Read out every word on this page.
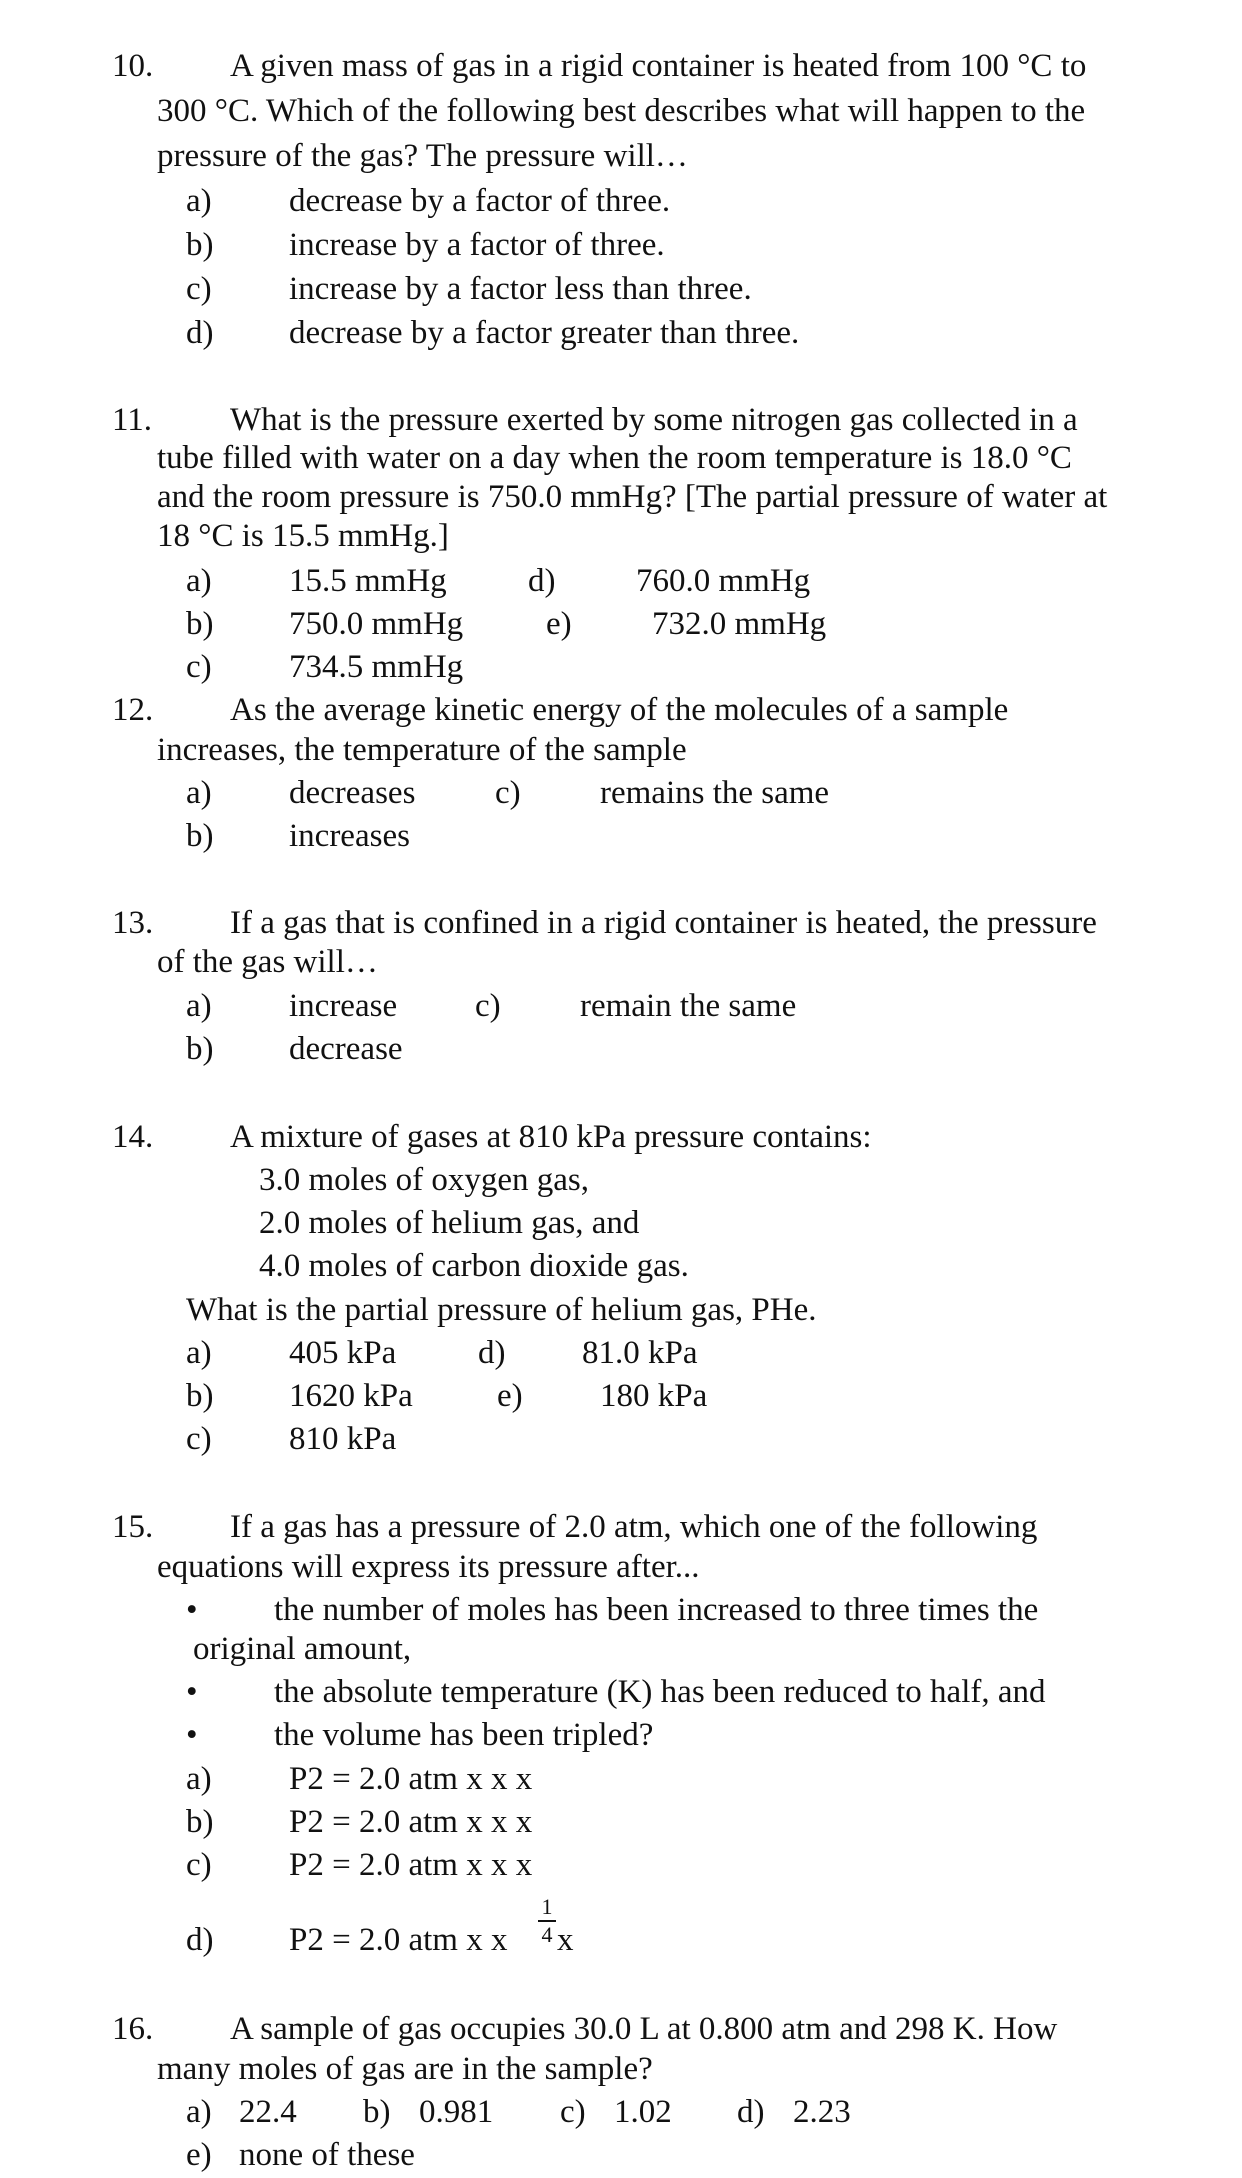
10. A given mass of gas in a rigid container is heated from 100 °C to
300 °C. Which of the following best describes what will happen to the
pressure of the gas? The pressure will…
a) decrease by a factor of three.
b) increase by a factor of three.
c) increase by a factor less than three.
d) decrease by a factor greater than three.
11. What is the pressure exerted by some nitrogen gas collected in a
tube filled with water on a day when the room temperature is 18.0 °C
and the room pressure is 750.0 mmHg? [The partial pressure of water at
18 °C is 15.5 mmHg.]
a) 15.5 mmHg d) 760.0 mmHg
b) 750.0 mmHg	e) 732.0 mmHg
c) 734.5 mmHg
12. As the average kinetic energy of the molecules of a sample
increases, the temperature of the sample
a) decreases c) remains the same
b) increases
13. If a gas that is confined in a rigid container is heated, the pressure
of the gas will…
a) increase c) remain the same
b) decrease
14. A mixture of gases at 810 kPa pressure contains:
3.0 moles of oxygen gas,
2.0 moles of helium gas, and
4.0 moles of carbon dioxide gas.
What is the partial pressure of helium gas, PHe.
a) 405 kPa d) 81.0 kPa
b) 1620 kPa	e) 180 kPa
c) 810 kPa
15. If a gas has a pressure of 2.0 atm, which one of the following
equations will express its pressure after...
• the number of moles has been increased to three times the
original amount,
• the absolute temperature (K) has been reduced to half, and
• the volume has been tripled?
a) P2 = 2.0 atm x x x
b) P2 = 2.0 atm x x x
c) P2 = 2.0 atm x x x
d) P2 = 2.0 atm x x
1
4 x
16. A sample of gas occupies 30.0 L at 0.800 atm and 298 K. How
many moles of gas are in the sample?
a) 22.4 b) 0.981 c) 1.02 d) 2.23
e) none of these
